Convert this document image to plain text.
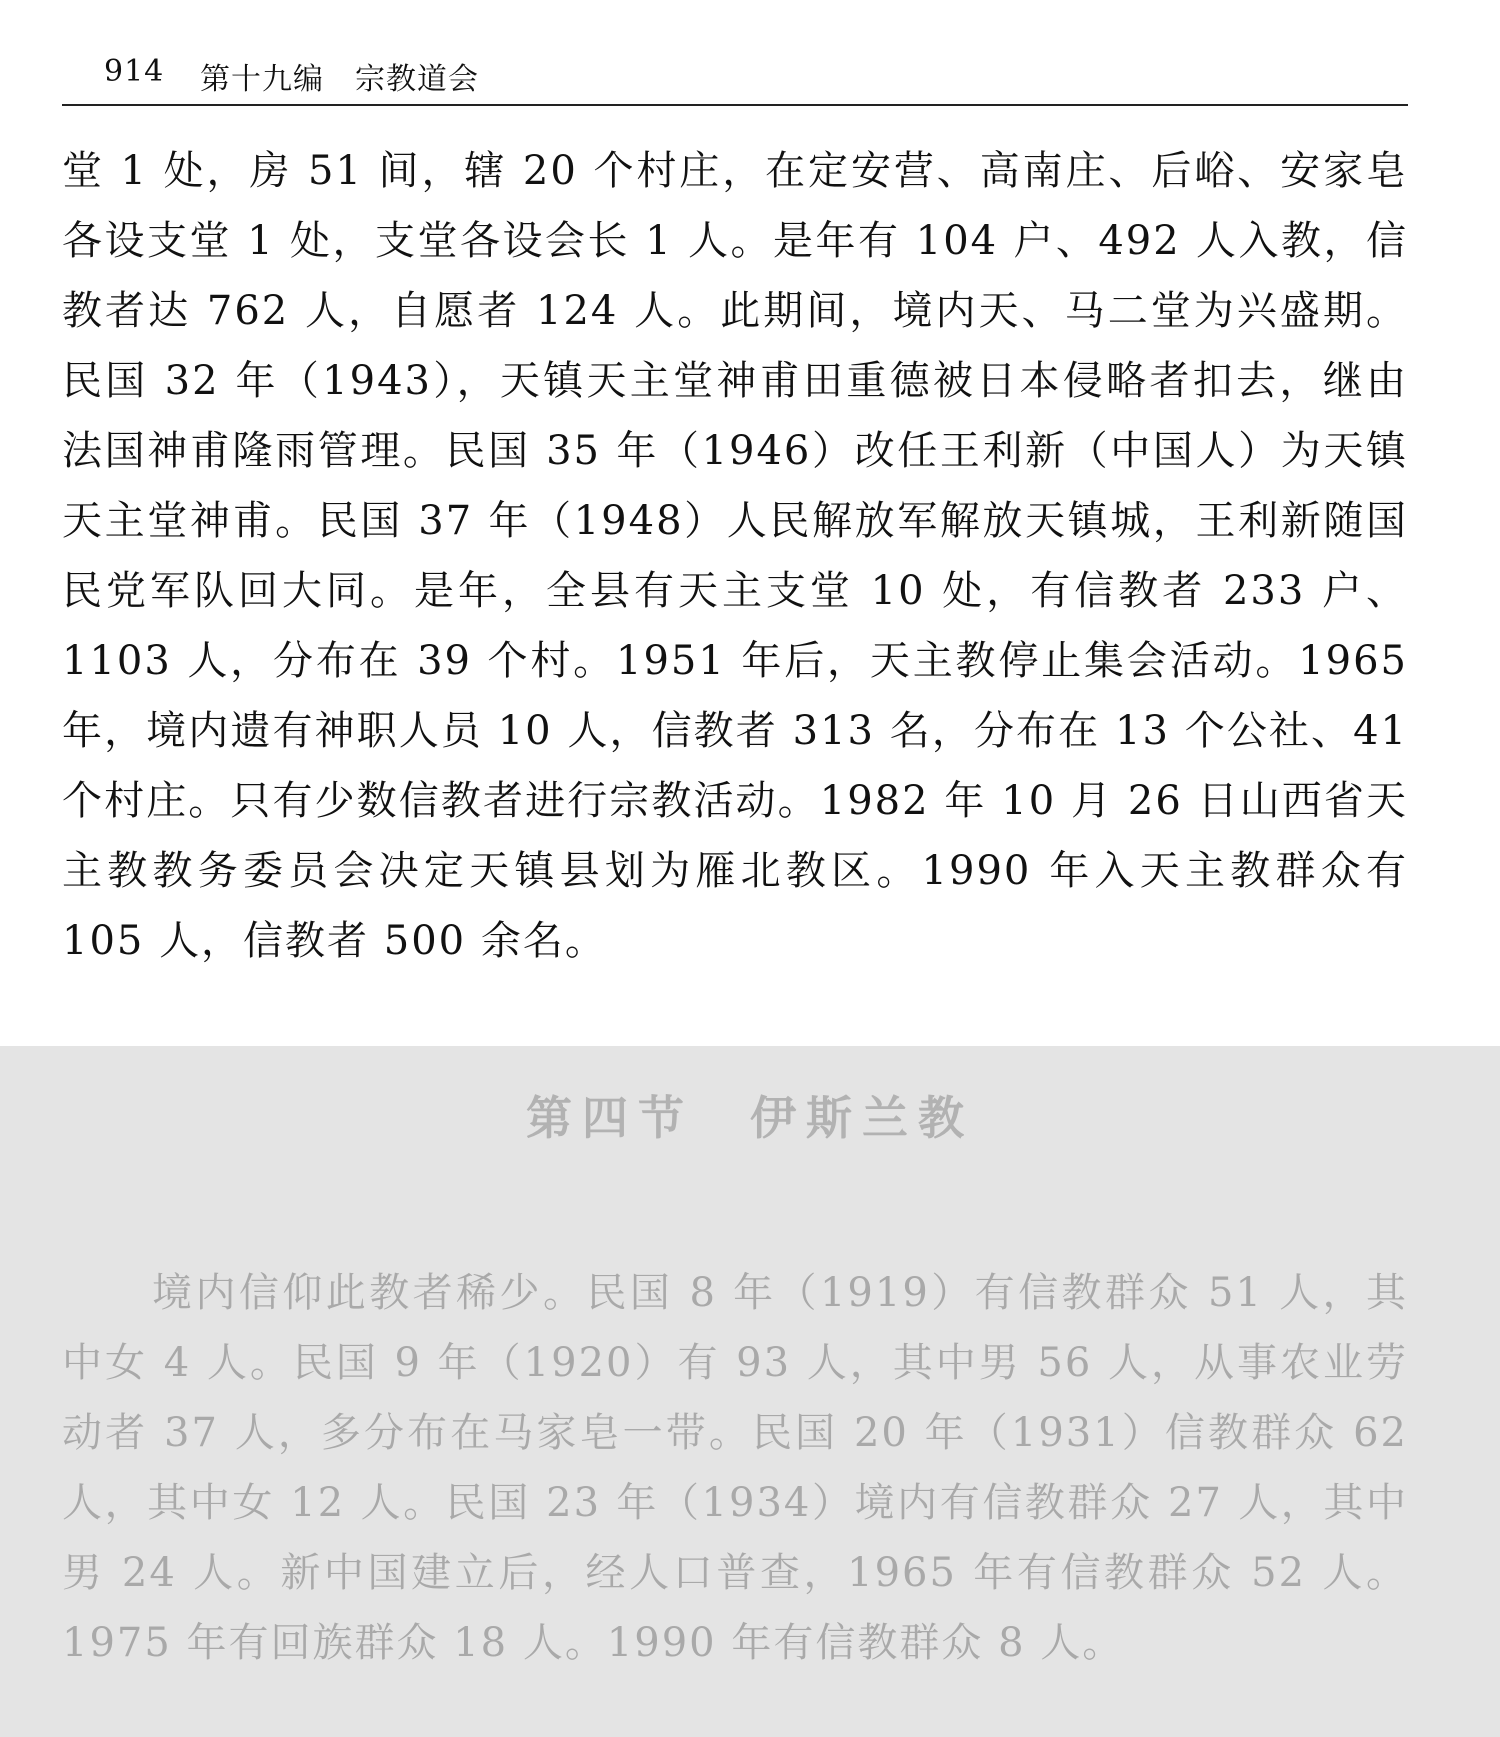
914 第十九编　宗教道会

堂 1 处，房 51 间，辖 20 个村庄，在定安营、高南庄、后峪、安家皂各设支堂 1 处，支堂各设会长 1 人。是年有 104 户、492 人入教，信教者达 762 人，自愿者 124 人。此期间，境内天、马二堂为兴盛期。民国 32 年（1943），天镇天主堂神甫田重德被日本侵略者扣去，继由法国神甫隆雨管理。民国 35 年（1946）改任王利新（中国人）为天镇天主堂神甫。民国 37 年（1948）人民解放军解放天镇城，王利新随国民党军队回大同。是年，全县有天主支堂 10 处，有信教者 233 户、1103 人，分布在 39 个村。1951 年后，天主教停止集会活动。1965 年，境内遗有神职人员 10 人，信教者 313 名，分布在 13 个公社、41 个村庄。只有少数信教者进行宗教活动。1982 年 10 月 26 日山西省天主教教务委员会决定天镇县划为雁北教区。1990 年入天主教群众有 105 人，信教者 500 余名。

第四节　伊斯兰教

境内信仰此教者稀少。民国 8 年（1919）有信教群众 51 人，其中女 4 人。民国 9 年（1920）有 93 人，其中男 56 人，从事农业劳动者 37 人，多分布在马家皂一带。民国 20 年（1931）信教群众 62 人，其中女 12 人。民国 23 年（1934）境内有信教群众 27 人，其中男 24 人。新中国建立后，经人口普查，1965 年有信教群众 52 人。1975 年有回族群众 18 人。1990 年有信教群众 8 人。
